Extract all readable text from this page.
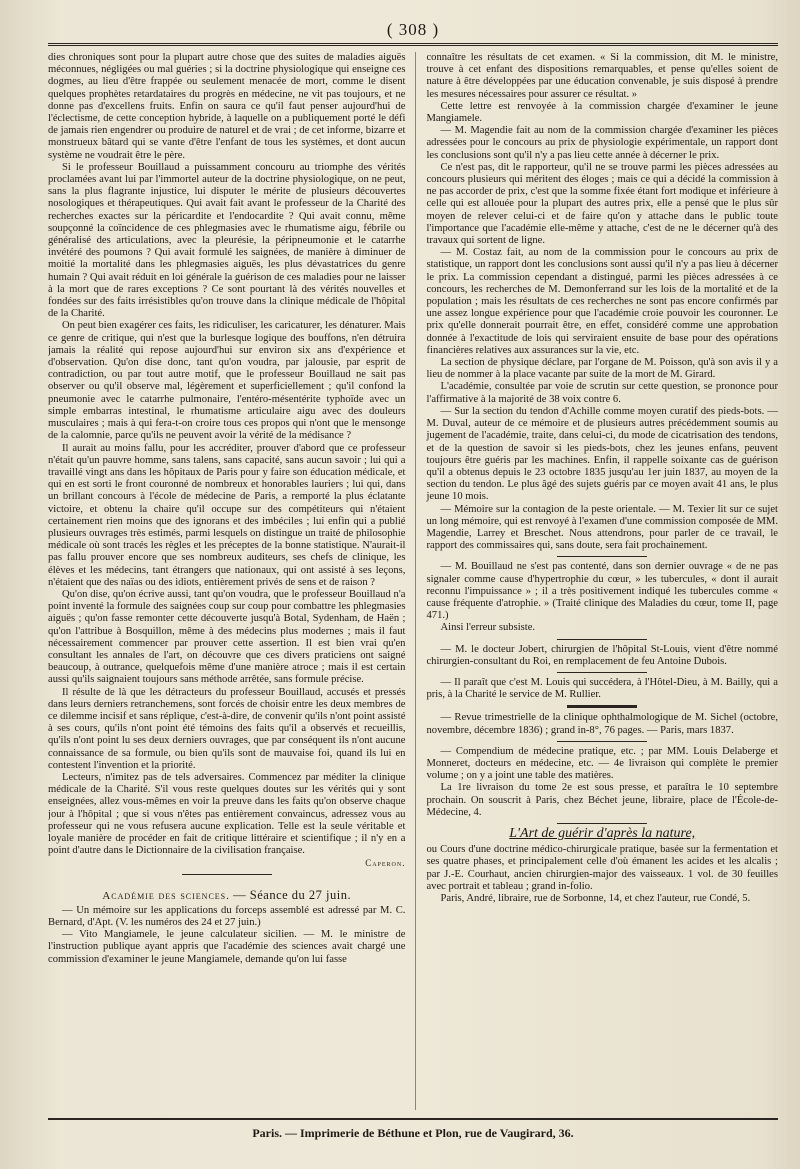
( 308 )

dies chroniques sont pour la plupart autre chose que des suites de maladies aiguës méconnues, négligées ou mal guéries ; si la doctrine physiologique qui enseigne ces dogmes, au lieu d'être frappée ou seulement menacée de mort, comme le disent quelques prophètes retardataires du progrès en médecine, ne vit pas toujours, et ne donne pas d'excellens fruits. Enfin on saura ce qu'il faut penser aujourd'hui de l'éclectisme, de cette conception hybride, à laquelle on a publiquement porté le défi de jamais rien engendrer ou produire de naturel et de vrai ; de cet informe, bizarre et monstrueux bâtard qui se vante d'être l'enfant de tous les systèmes, et dont aucun système ne voudrait être le père.

Si le professeur Bouillaud a puissamment concouru au triomphe des vérités proclamées avant lui par l'immortel auteur de la doctrine physiologique, on ne peut, sans la plus flagrante injustice, lui disputer le mérite de plusieurs découvertes nosologiques et thérapeutiques. Qui avait fait avant le professeur de la Charité des recherches exactes sur la péricardite et l'endocardite ? Qui avait connu, même soupçonné la coïncidence de ces phlegmasies avec le rhumatisme aigu, fébrile ou généralisé des articulations, avec la pleurésie, la péripneumonie et le catarrhe invétéré des poumons ? Qui avait formulé les saignées, de manière à diminuer de moitié la mortalité dans les phlegmasies aiguës, les plus dévastatrices du genre humain ? Qui avait réduit en loi générale la guérison de ces maladies pour ne laisser à la mort que de rares exceptions ? Ce sont pourtant là des vérités nouvelles et fondées sur des faits irrésistibles qu'on trouve dans la clinique médicale de l'hôpital de la Charité.

On peut bien exagérer ces faits, les ridiculiser, les caricaturer, les dénaturer. Mais ce genre de critique, qui n'est que la burlesque logique des bouffons, n'en détruira jamais la réalité qui repose aujourd'hui sur environ six ans d'expérience et d'observation. Qu'on dise donc, tant qu'on voudra, par jalousie, par esprit de contradiction, ou par tout autre motif, que le professeur Bouillaud ne sait pas observer ou qu'il observe mal, légèrement et superficiellement ; qu'il confond la pneumonie avec le catarrhe pulmonaire, l'entéro-mésentérite typhoïde avec un simple embarras intestinal, le rhumatisme articulaire aigu avec des douleurs musculaires ; mais à qui fera-t-on croire tous ces propos qui n'ont que le mensonge de la calomnie, parce qu'ils ne peuvent avoir la vérité de la médisance ?

Il aurait au moins fallu, pour les accréditer, prouver d'abord que ce professeur n'était qu'un pauvre homme, sans talens, sans capacité, sans aucun savoir ; lui qui a travaillé vingt ans dans les hôpitaux de Paris pour y faire son éducation médicale, et qui en est sorti le front couronné de nombreux et honorables lauriers ; lui qui, dans un brillant concours à l'école de médecine de Paris, a remporté la plus éclatante victoire, et obtenu la chaire qu'il occupe sur des compétiteurs qui n'étaient certainement rien moins que des ignorans et des imbéciles ; lui enfin qui a publié plusieurs ouvrages très estimés, parmi lesquels on distingue un traité de philosophie médicale où sont tracés les règles et les préceptes de la bonne statistique. N'aurait-il pas fallu prouver encore que ses nombreux auditeurs, ses chefs de clinique, les élèves et les médecins, tant étrangers que nationaux, qui ont assisté à ses leçons, n'étaient que des naïas ou des idiots, entièrement privés de sens et de raison ?

Qu'on dise, qu'on écrive aussi, tant qu'on voudra, que le professeur Bouillaud n'a point inventé la formule des saignées coup sur coup pour combattre les phlegmasies aiguës ; qu'on fasse remonter cette découverte jusqu'à Botal, Sydenham, de Haën ; qu'on l'attribue à Bosquillon, même à des médecins plus modernes ; mais il faut nécessairement commencer par prouver cette assertion. Il est bien vrai qu'en consultant les annales de l'art, on découvre que ces divers praticiens ont saigné beaucoup, à outrance, quelquefois même d'une manière atroce ; mais il est certain aussi qu'ils saignaient toujours sans méthode arrêtée, sans formule précise.

Il résulte de là que les détracteurs du professeur Bouillaud, accusés et pressés dans leurs derniers retranchemens, sont forcés de choisir entre les deux membres de ce dilemme incisif et sans réplique, c'est-à-dire, de convenir qu'ils n'ont point assisté à ses cours, qu'ils n'ont point été témoins des faits qu'il a observés et recueillis, qu'ils n'ont point lu ses deux derniers ouvrages, que par conséquent ils n'ont aucune connaissance de sa formule, ou bien qu'ils sont de mauvaise foi, quand ils lui en contestent l'invention et la priorité.

Lecteurs, n'imitez pas de tels adversaires. Commencez par méditer la clinique médicale de la Charité. S'il vous reste quelques doutes sur les vérités qui y sont enseignées, allez vous-mêmes en voir la preuve dans les faits qu'on observe chaque jour à l'hôpital ; que si vous n'êtes pas entièrement convaincus, adressez vous au professeur qui ne vous refusera aucune explication. Telle est la seule véritable et loyale manière de procéder en fait de critique littéraire et scientifique ; il n'y en a point d'autre dans le Dictionnaire de la civilisation française.

Caperon.
Académie des sciences. — Séance du 27 juin.

— Un mémoire sur les applications du forceps assemblé est adressé par M. C. Bernard, d'Apt. (V. les numéros des 24 et 27 juin.)

— Vito Mangiamele, le jeune calculateur sicilien. — M. le ministre de l'instruction publique ayant appris que l'académie des sciences avait chargé une commission d'examiner le jeune Mangiamele, demande qu'on lui fasse

connaître les résultats de cet examen. « Si la commission, dit M. le ministre, trouve à cet enfant des dispositions remarquables, et pense qu'elles soient de nature à être développées par une éducation convenable, je suis disposé à prendre les mesures nécessaires pour assurer ce résultat. »

Cette lettre est renvoyée à la commission chargée d'examiner le jeune Mangiamele.

— M. Magendie fait au nom de la commission chargée d'examiner les pièces adressées pour le concours au prix de physiologie expérimentale, un rapport dont les conclusions sont qu'il n'y a pas lieu cette année à décerner le prix.

Ce n'est pas, dit le rapporteur, qu'il ne se trouve parmi les pièces adressées au concours plusieurs qui méritent des éloges ; mais ce qui a décidé la commission à ne pas accorder de prix, c'est que la somme fixée étant fort modique et inférieure à celle qui est allouée pour la plupart des autres prix, elle a pensé que le plus sûr moyen de relever celui-ci et de faire qu'on y attache dans le public toute l'importance que l'académie elle-même y attache, c'est de ne le décerner qu'à des travaux qui sortent de ligne.

— M. Costaz fait, au nom de la commission pour le concours au prix de statistique, un rapport dont les conclusions sont aussi qu'il n'y a pas lieu à décerner le prix. La commission cependant a distingué, parmi les pièces adressées à ce concours, les recherches de M. Demonferrand sur les lois de la mortalité et de la population ; mais les résultats de ces recherches ne sont pas encore confirmés par une assez longue expérience pour que l'académie croie pouvoir les couronner. Le prix qu'elle donnerait pourrait être, en effet, considéré comme une approbation donnée à l'exactitude de lois qui serviraient ensuite de base pour des opérations financières relatives aux assurances sur la vie, etc.

La section de physique déclare, par l'organe de M. Poisson, qu'à son avis il y a lieu de nommer à la place vacante par suite de la mort de M. Girard.

L'académie, consultée par voie de scrutin sur cette question, se prononce pour l'affirmative à la majorité de 38 voix contre 6.

— Sur la section du tendon d'Achille comme moyen curatif des pieds-bots. — M. Duval, auteur de ce mémoire et de plusieurs autres précédemment soumis au jugement de l'académie, traite, dans celui-ci, du mode de cicatrisation des tendons, et de la question de savoir si les pieds-bots, chez les jeunes enfans, peuvent toujours être guéris par les machines. Enfin, il rappelle soixante cas de guérison qu'il a obtenus depuis le 23 octobre 1835 jusqu'au 1er juin 1837, au moyen de la section du tendon. Le plus âgé des sujets guéris par ce moyen avait 41 ans, le plus jeune 10 mois.

— Mémoire sur la contagion de la peste orientale. — M. Texier lit sur ce sujet un long mémoire, qui est renvoyé à l'examen d'une commission composée de MM. Magendie, Larrey et Breschet. Nous attendrons, pour parler de ce travail, le rapport des commissaires qui, sans doute, sera fait prochainement.

— M. Bouillaud ne s'est pas contenté, dans son dernier ouvrage « de ne pas signaler comme cause d'hypertrophie du cœur, » les tubercules, « dont il aurait reconnu l'impuissance » ; il a très positivement indiqué les tubercules comme « cause fréquente d'atrophie. » (Traité clinique des Maladies du cœur, tome II, page 471.)

Ainsi l'erreur subsiste.

— M. le docteur Jobert, chirurgien de l'hôpital St-Louis, vient d'être nommé chirurgien-consultant du Roi, en remplacement de feu Antoine Dubois.

— Il paraît que c'est M. Louis qui succédera, à l'Hôtel-Dieu, à M. Bailly, qui a pris, à la Charité le service de M. Rullier.

— Revue trimestrielle de la clinique ophthalmologique de M. Sichel (octobre, novembre, décembre 1836) ; grand in-8°, 76 pages. — Paris, mars 1837.

— Compendium de médecine pratique, etc. ; par MM. Louis Delaberge et Monneret, docteurs en médecine, etc. — 4e livraison qui complète le premier volume ; on y a joint une table des matières.

La 1re livraison du tome 2e est sous presse, et paraîtra le 10 septembre prochain. On souscrit à Paris, chez Béchet jeune, libraire, place de l'École-de-Médecine, 4.

L'Art de guérir d'après la nature,

ou Cours d'une doctrine médico-chirurgicale pratique, basée sur la fermentation et ses quatre phases, et principalement celle d'où émanent les acides et les alcalis ; par J.-E. Courhaut, ancien chirurgien-major des vaisseaux. 1 vol. de 30 feuilles avec portrait et tableau ; grand in-folio.

Paris, André, libraire, rue de Sorbonne, 14, et chez l'auteur, rue Condé, 5.

Paris. — Imprimerie de Béthune et Plon, rue de Vaugirard, 36.
